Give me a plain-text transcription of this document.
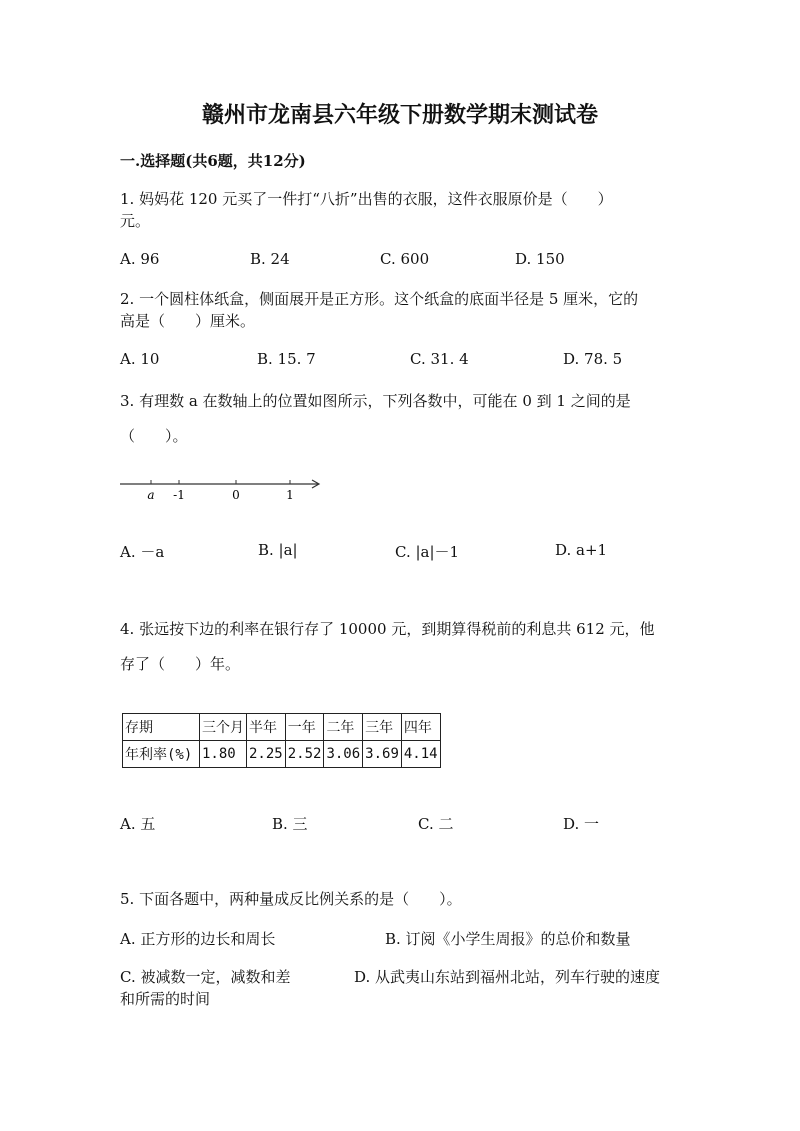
赣州市龙南县六年级下册数学期末测试卷
一.选择题(共6题，共12分)
1. 妈妈花 120 元买了一件打“八折”出售的衣服，这件衣服原价是（　　）
元。
A. 96	B. 24	C. 600	D. 150
2. 一个圆柱体纸盒，侧面展开是正方形。这个纸盒的底面半径是 5 厘米，它的
高是（　　）厘米。
A. 10	B. 15. 7	C. 31. 4	D. 78. 5
3. 有理数 a 在数轴上的位置如图所示，下列各数中，可能在 0 到 1 之间的是
（　　）。
a -1	0	1
A. －a	B. |a|	C. |a|－1	D. a+1
4. 张远按下边的利率在银行存了 10000 元，到期算得税前的利息共 612 元，他
存了（　　）年。
存期	三个月	半年	一年	二年	三年	四年
年利率(%)	1.80	2.25	2.52	3.06	3.69	4.14
A. 五	B. 三	C. 二	D. 一
5. 下面各题中，两种量成反比例关系的是（　　）。
A. 正方形的边长和周长	B. 订阅《小学生周报》的总价和数量
C. 被减数一定，减数和差	D. 从武夷山东站到福州北站，列车行驶的速度
和所需的时间
